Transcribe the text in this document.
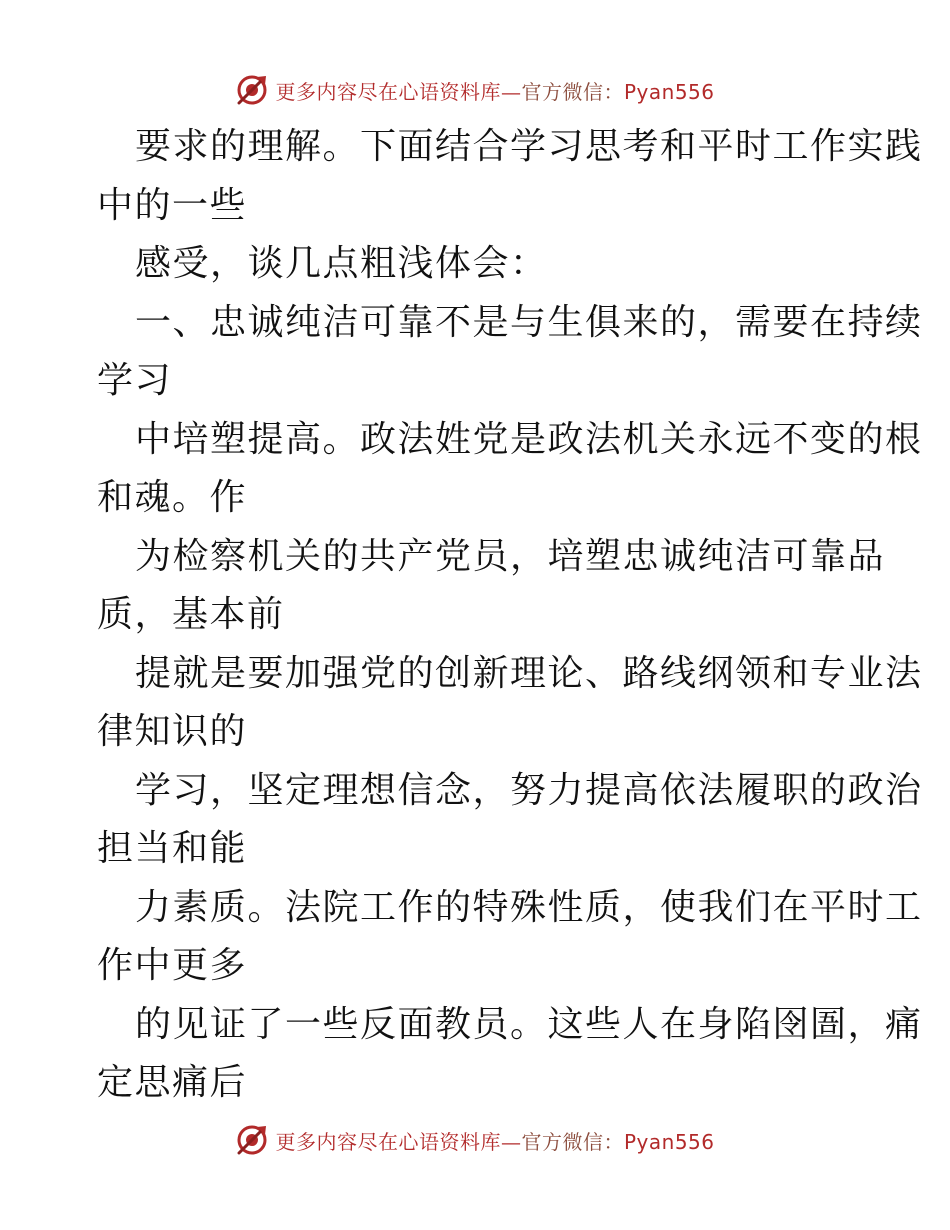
更多内容尽在心语资料库—官方微信：Pyan556
要求的理解。下面结合学习思考和平时工作实践
中的一些
感受，谈几点粗浅体会：
一、忠诚纯洁可靠不是与生俱来的，需要在持续
学习
中培塑提高。政法姓党是政法机关永远不变的根
和魂。作
为检察机关的共产党员，培塑忠诚纯洁可靠品
质，基本前
提就是要加强党的创新理论、路线纲领和专业法
律知识的
学习，坚定理想信念，努力提高依法履职的政治
担当和能
力素质。法院工作的特殊性质，使我们在平时工
作中更多
的见证了一些反面教员。这些人在身陷囹圄，痛
定思痛后
更多内容尽在心语资料库—官方微信：Pyan556
